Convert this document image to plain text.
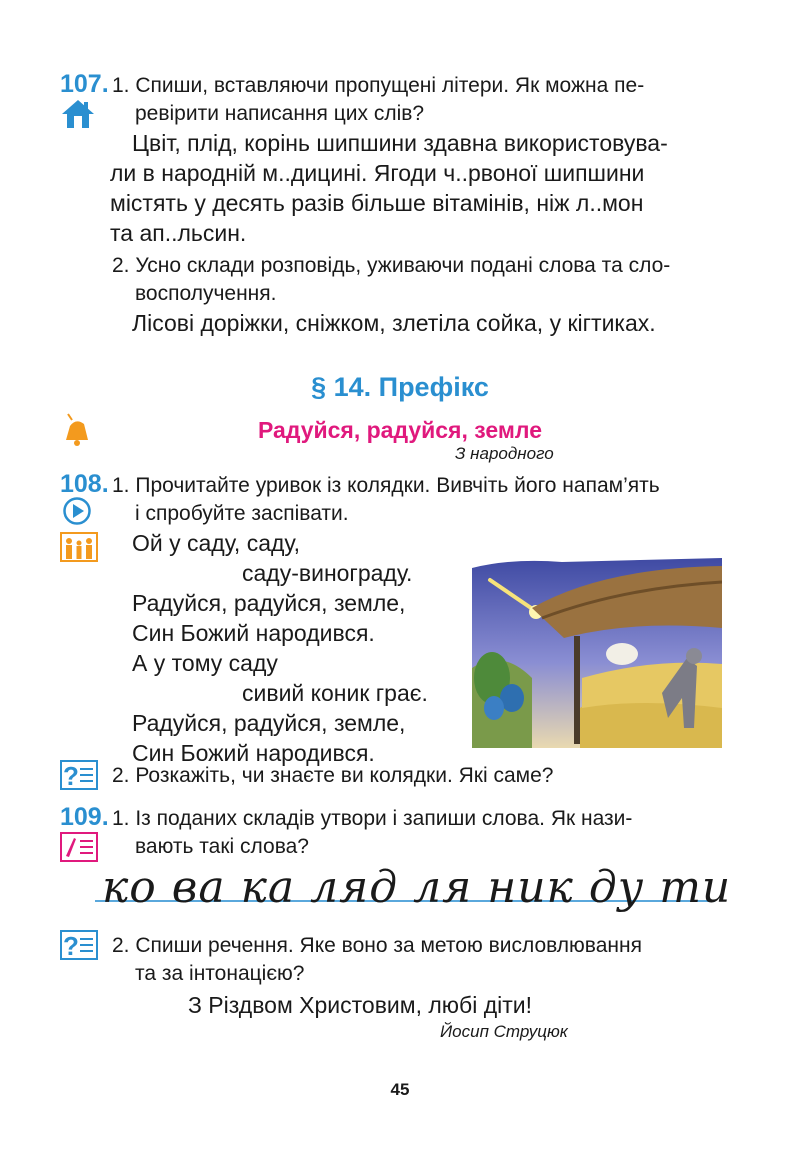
107. 1. Спиши, вставляючи пропущені літери. Як можна пе-
ревірити написання цих слів?
Цвіт, плід, корінь шипшини здавна використовува-
ли в народній м..дицині. Ягоди ч..рвоної шипшини
містять у десять разів більше вітамінів, ніж л..мон
та ап..льсин.
2. Усно склади розповідь, уживаючи подані слова та сло-
восполучення.
Лісові доріжки, сніжком, злетіла сойка, у кігтиках.
§ 14. Префікс
Радуйся, радуйся, земле
З народного
108. 1. Прочитайте уривок із колядки. Вивчіть його напам’ять
і спробуйте заспівати.
Ой у саду, саду,
саду-винограду.
Радуйся, радуйся, земле,
Син Божий народився.
А у тому саду
сивий коник грає.
Радуйся, радуйся, земле,
Син Божий народився.
? 2. Розкажіть, чи знаєте ви колядки. Які саме?
109. 1. Із поданих складів утвори і запиши слова. Як нази-
вають такі слова?
ко ва ка ляд ля ник ду ти
? 2. Спиши речення. Яке воно за метою висловлювання
та за інтонацією?
З Різдвом Христовим, любі діти!
Йосип Струцюк
45
